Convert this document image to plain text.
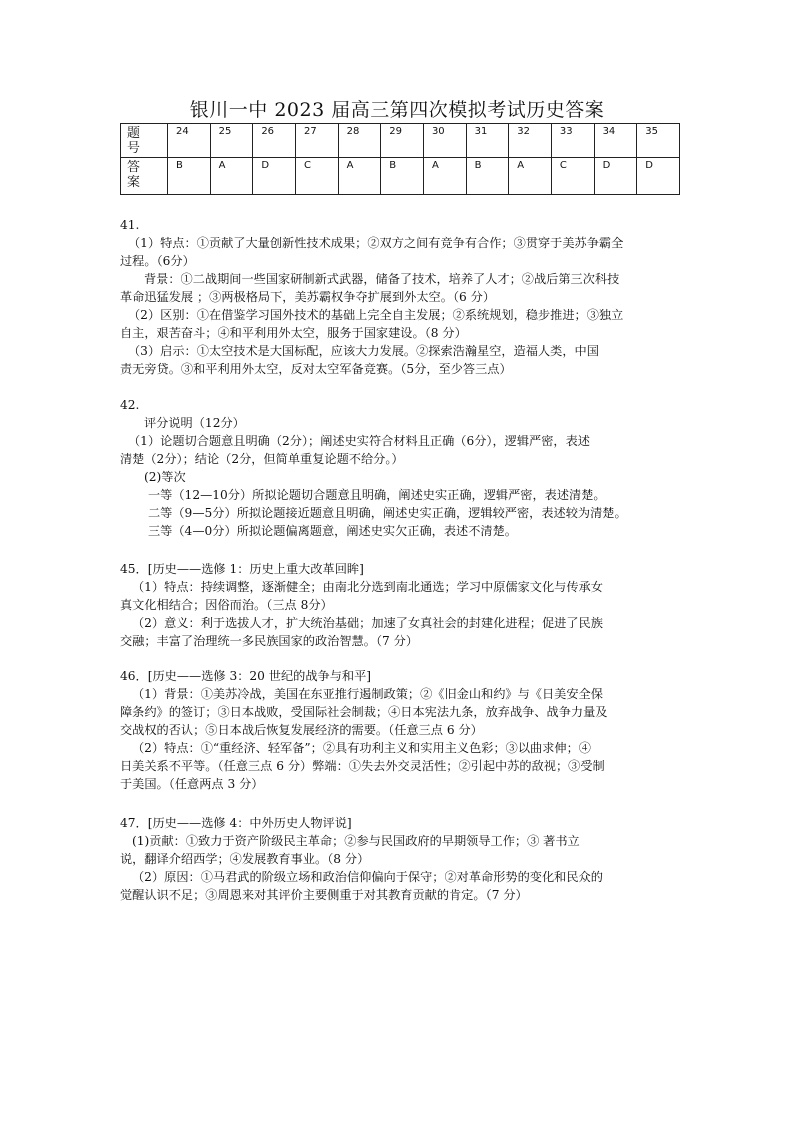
银川一中 2023 届高三第四次模拟考试历史答案
题
号	24	25	26	27	28	29	30	31	32	33	34	35
答
案	B	A	D	C	A	B	A	B	A	C	D	D

41.

（1）特点：①贡献了大量创新性技术成果；②双方之间有竞争有合作；③贯穿于美苏争霸全

过程。（6分）

背景：①二战期间一些国家研制新式武器，储备了技术，培养了人才；②战后第三次科技

革命迅猛发展 ；③两极格局下，美苏霸权争夺扩展到外太空。（6 分）

（2）区别：①在借鉴学习国外技术的基础上完全自主发展；②系统规划，稳步推进；③独立

自主，艰苦奋斗；④和平利用外太空，服务于国家建设。（8 分）

（3）启示：①太空技术是大国标配，应该大力发展。②探索浩瀚星空，造福人类，中国

责无旁贷。③和平利用外太空，反对太空军备竞赛。（5分，至少答三点）

42.

评分说明（12分）

（1）论题切合题意且明确（2分）；阐述史实符合材料且正确（6分），逻辑严密，表述

清楚（2分）；结论（2分，但简单重复论题不给分。）

(2)等次

一等（12—10分）所拟论题切合题意且明确，阐述史实正确，逻辑严密，表述清楚。

二等（9—5分）所拟论题接近题意且明确，阐述史实正确，逻辑较严密，表述较为清楚。

三等（4—0分）所拟论题偏离题意，阐述史实欠正确，表述不清楚。

45．[历史——选修 1：历史上重大改革回眸]

（1）特点：持续调整，逐渐健全；由南北分选到南北通选；学习中原儒家文化与传承女

真文化相结合；因俗而治。（三点 8分）

（2）意义：利于选拔人才，扩大统治基础；加速了女真社会的封建化进程；促进了民族

交融；丰富了治理统一多民族国家的政治智慧。（7 分）

46．[历史——选修 3：20 世纪的战争与和平]

（1）背景：①美苏冷战，美国在东亚推行遏制政策；②《旧金山和约》与《日美安全保

障条约》的签订；③日本战败，受国际社会制裁；④日本宪法九条，放弃战争、战争力量及

交战权的否认；⑤日本战后恢复发展经济的需要。（任意三点 6 分）

（2）特点：①“重经济、轻军备”；②具有功利主义和实用主义色彩；③以曲求伸；④

日美关系不平等。（任意三点 6 分）弊端：①失去外交灵活性；②引起中苏的敌视；③受制

于美国。（任意两点 3 分）

47．[历史——选修 4：中外历史人物评说]

(1)贡献：①致力于资产阶级民主革命；②参与民国政府的早期领导工作；③ 著书立

说，翻译介绍西学；④发展教育事业。（8 分）

（2）原因：①马君武的阶级立场和政治信仰偏向于保守；②对革命形势的变化和民众的

觉醒认识不足；③周恩来对其评价主要侧重于对其教育贡献的肯定。（7 分）
